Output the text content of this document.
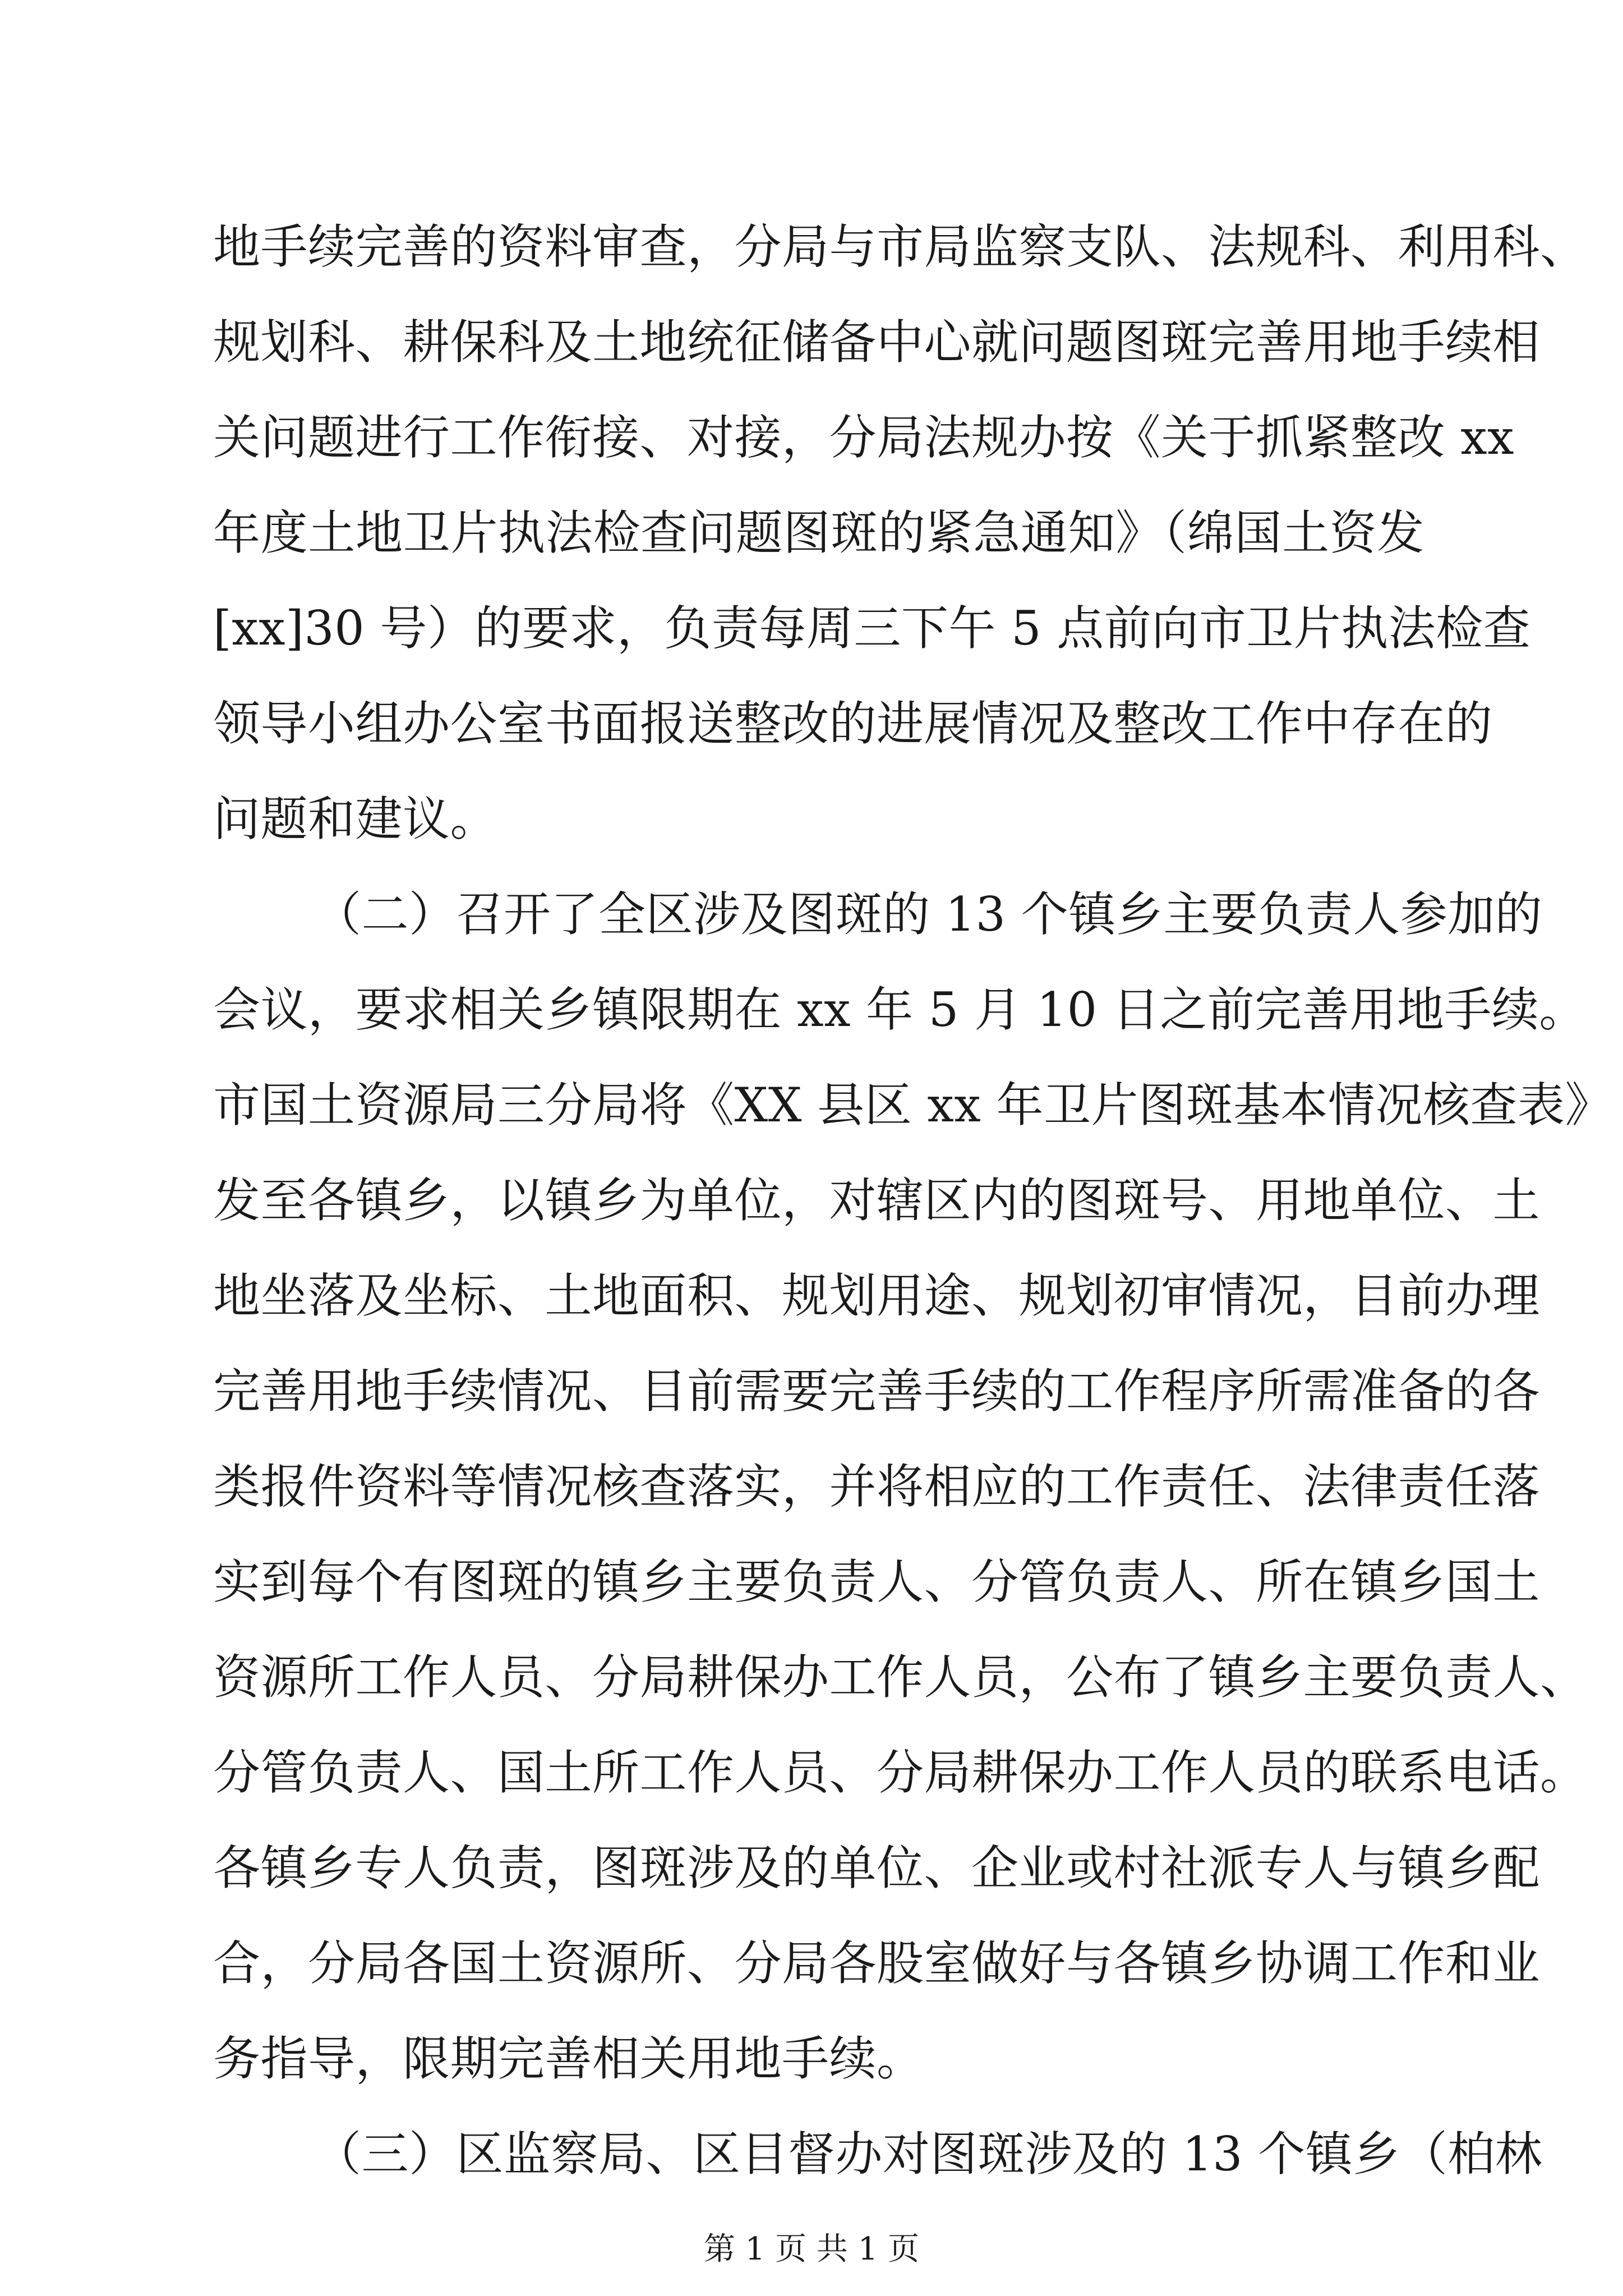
地手续完善的资料审查，分局与市局监察支队、法规科、利用科、
规划科、耕保科及土地统征储备中心就问题图斑完善用地手续相
关问题进行工作衔接、对接，分局法规办按《关于抓紧整改 xx
年度土地卫片执法检查问题图斑的紧急通知》（绵国土资发
[xx]30 号）的要求，负责每周三下午 5 点前向市卫片执法检查
领导小组办公室书面报送整改的进展情况及整改工作中存在的
问题和建议。
（二）召开了全区涉及图斑的 13 个镇乡主要负责人参加的
会议，要求相关乡镇限期在 xx 年 5 月 10 日之前完善用地手续。
市国土资源局三分局将《XX 县区 xx 年卫片图斑基本情况核查表》
发至各镇乡，以镇乡为单位，对辖区内的图斑号、用地单位、土
地坐落及坐标、土地面积、规划用途、规划初审情况，目前办理
完善用地手续情况、目前需要完善手续的工作程序所需准备的各
类报件资料等情况核查落实，并将相应的工作责任、法律责任落
实到每个有图斑的镇乡主要负责人、分管负责人、所在镇乡国土
资源所工作人员、分局耕保办工作人员，公布了镇乡主要负责人、
分管负责人、国土所工作人员、分局耕保办工作人员的联系电话。
各镇乡专人负责，图斑涉及的单位、企业或村社派专人与镇乡配
合，分局各国土资源所、分局各股室做好与各镇乡协调工作和业
务指导，限期完善相关用地手续。
（三）区监察局、区目督办对图斑涉及的 13 个镇乡（柏林
第 1 页 共 1 页
